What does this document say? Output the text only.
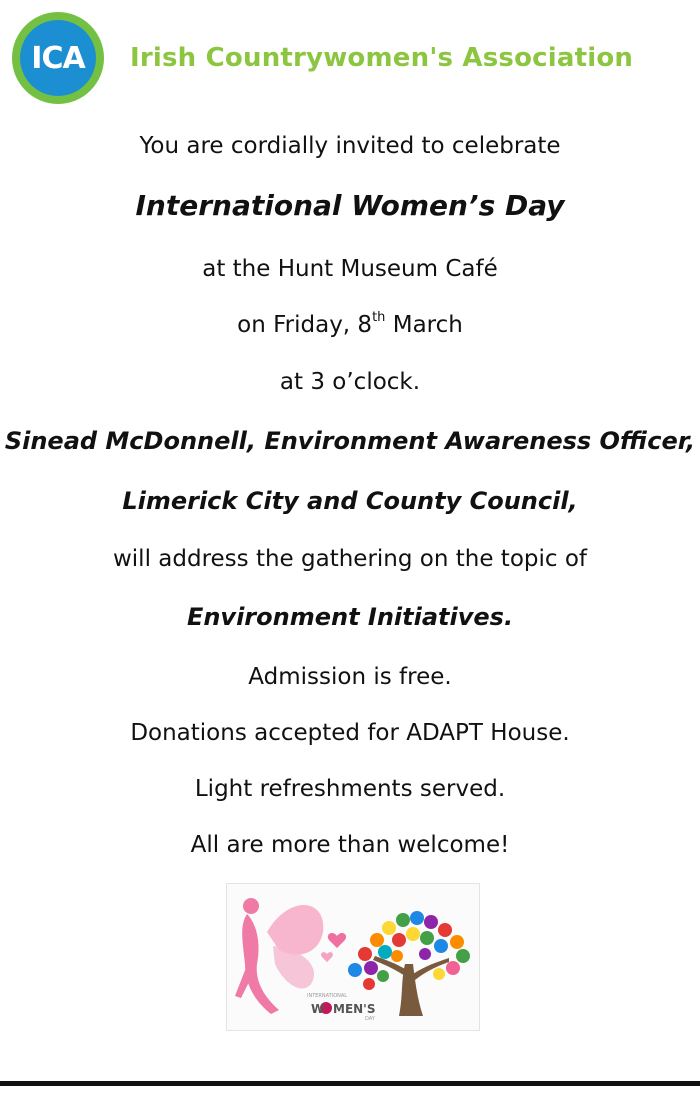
ICA Irish Countrywomen's Association
You are cordially invited to celebrate
International Women’s Day
at the Hunt Museum Café
on Friday, 8th March
at 3 o’clock.
Sinead McDonnell, Environment Awareness Officer,
Limerick City and County Council,
will address the gathering on the topic of
Environment Initiatives.
Admission is free.
Donations accepted for ADAPT House.
Light refreshments served.
All are more than welcome!
INTERNATIONAL
W MEN'S
DAY
